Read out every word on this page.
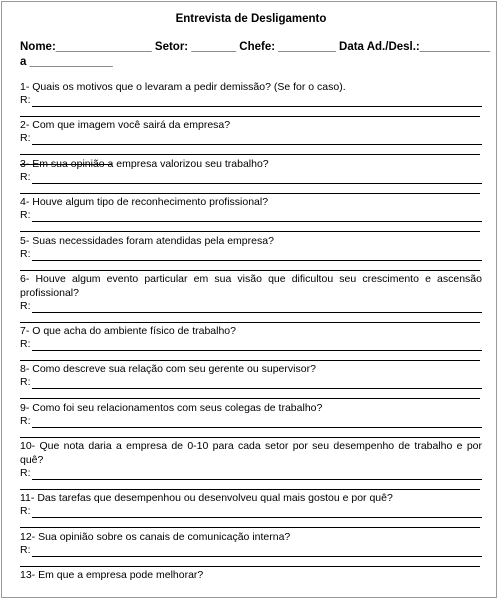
Entrevista de Desligamento
Nome:_______________ Setor: _______ Chefe: _________ Data Ad./Desl.:___________
a _____________
1- Quais os motivos que o levaram a pedir demissão? (Se for o caso).
R:
2- Com que imagem você sairá da empresa?
R:
3- Em sua opinião a empresa valorizou seu trabalho?
R:
4- Houve algum tipo de reconhecimento profissional?
R:
5- Suas necessidades foram atendidas pela empresa?
R:
6- Houve algum evento particular em sua visão que dificultou seu crescimento e ascensão profissional?
R:
7- O que acha do ambiente físico de trabalho?
R:
8- Como descreve sua relação com seu gerente ou supervisor?
R:
9- Como foi seu relacionamentos com seus colegas de trabalho?
R:
10- Que nota daria a empresa de 0-10 para cada setor por seu desempenho de trabalho e por quê?
R:
11- Das tarefas que desempenhou ou desenvolveu qual mais gostou e por quê?
R:
12- Sua opinião sobre os canais de comunicação interna?
R:
13- Em que a empresa pode melhorar?
